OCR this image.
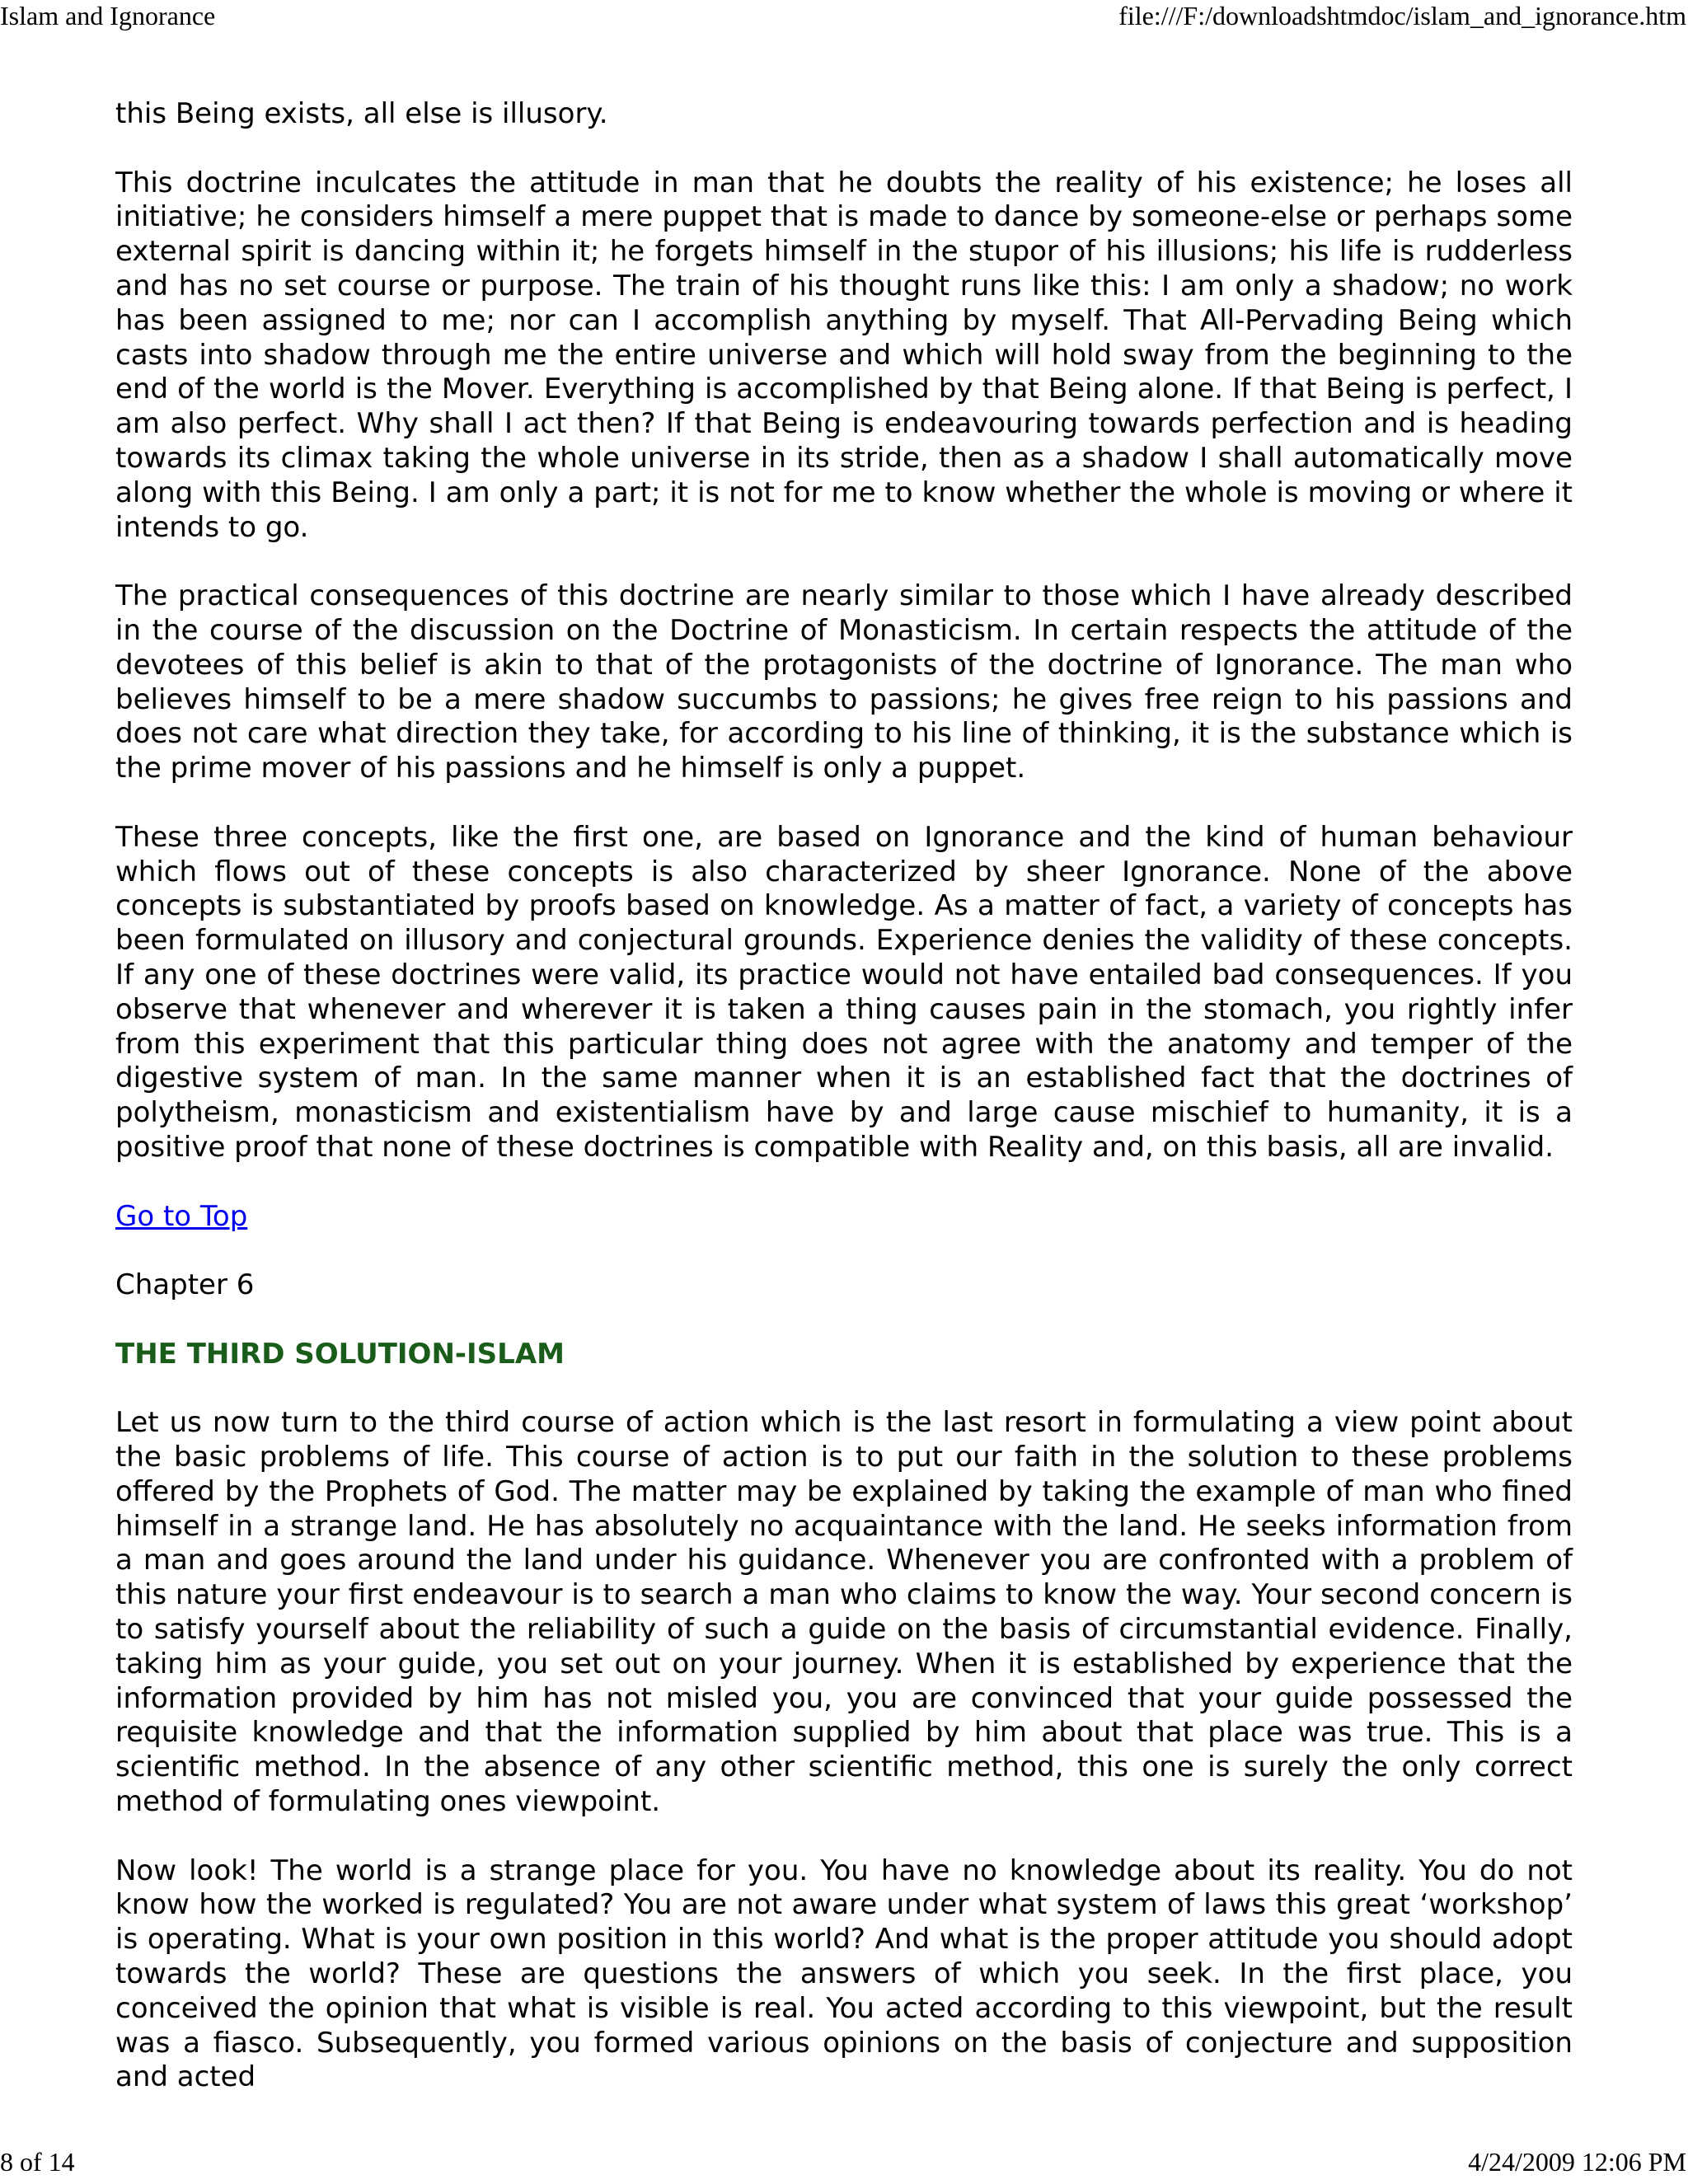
Islam and Ignorance	file:///F:/downloadshtmdoc/islam_and_ignorance.htm

this Being exists, all else is illusory.

This doctrine inculcates the attitude in man that he doubts the reality of his existence; he loses all initiative; he considers himself a mere puppet that is made to dance by someone-else or perhaps some external spirit is dancing within it; he forgets himself in the stupor of his illusions; his life is rudderless and has no set course or purpose. The train of his thought runs like this: I am only a shadow; no work has been assigned to me; nor can I accomplish anything by myself. That All-Pervading Being which casts into shadow through me the entire universe and which will hold sway from the beginning to the end of the world is the Mover. Everything is accomplished by that Being alone. If that Being is perfect, I am also perfect. Why shall I act then? If that Being is endeavouring towards perfection and is heading towards its climax taking the whole universe in its stride, then as a shadow I shall automatically move along with this Being. I am only a part; it is not for me to know whether the whole is moving or where it intends to go.

The practical consequences of this doctrine are nearly similar to those which I have already described in the course of the discussion on the Doctrine of Monasticism. In certain respects the attitude of the devotees of this belief is akin to that of the protagonists of the doctrine of Ignorance. The man who believes himself to be a mere shadow succumbs to passions; he gives free reign to his passions and does not care what direction they take, for according to his line of thinking, it is the substance which is the prime mover of his passions and he himself is only a puppet.

These three concepts, like the first one, are based on Ignorance and the kind of human behaviour which flows out of these concepts is also characterized by sheer Ignorance. None of the above concepts is substantiated by proofs based on knowledge. As a matter of fact, a variety of concepts has been formulated on illusory and conjectural grounds. Experience denies the validity of these concepts. If any one of these doctrines were valid, its practice would not have entailed bad consequences. If you observe that whenever and wherever it is taken a thing causes pain in the stomach, you rightly infer from this experiment that this particular thing does not agree with the anatomy and temper of the digestive system of man. In the same manner when it is an established fact that the doctrines of polytheism, monasticism and existentialism have by and large cause mischief to humanity, it is a positive proof that none of these doctrines is compatible with Reality and, on this basis, all are invalid.

Go to Top

Chapter 6

THE THIRD SOLUTION-ISLAM

Let us now turn to the third course of action which is the last resort in formulating a view point about the basic problems of life. This course of action is to put our faith in the solution to these problems offered by the Prophets of God. The matter may be explained by taking the example of man who fined himself in a strange land. He has absolutely no acquaintance with the land. He seeks information from a man and goes around the land under his guidance. Whenever you are confronted with a problem of this nature your first endeavour is to search a man who claims to know the way. Your second concern is to satisfy yourself about the reliability of such a guide on the basis of circumstantial evidence. Finally, taking him as your guide, you set out on your journey. When it is established by experience that the information provided by him has not misled you, you are convinced that your guide possessed the requisite knowledge and that the information supplied by him about that place was true. This is a scientific method. In the absence of any other scientific method, this one is surely the only correct method of formulating ones viewpoint.

Now look! The world is a strange place for you. You have no knowledge about its reality. You do not know how the worked is regulated? You are not aware under what system of laws this great ‘workshop’ is operating. What is your own position in this world? And what is the proper attitude you should adopt towards the world? These are questions the answers of which you seek. In the first place, you conceived the opinion that what is visible is real. You acted according to this viewpoint, but the result was a fiasco. Subsequently, you formed various opinions on the basis of conjecture and supposition and acted

8 of 14	4/24/2009 12:06 PM
